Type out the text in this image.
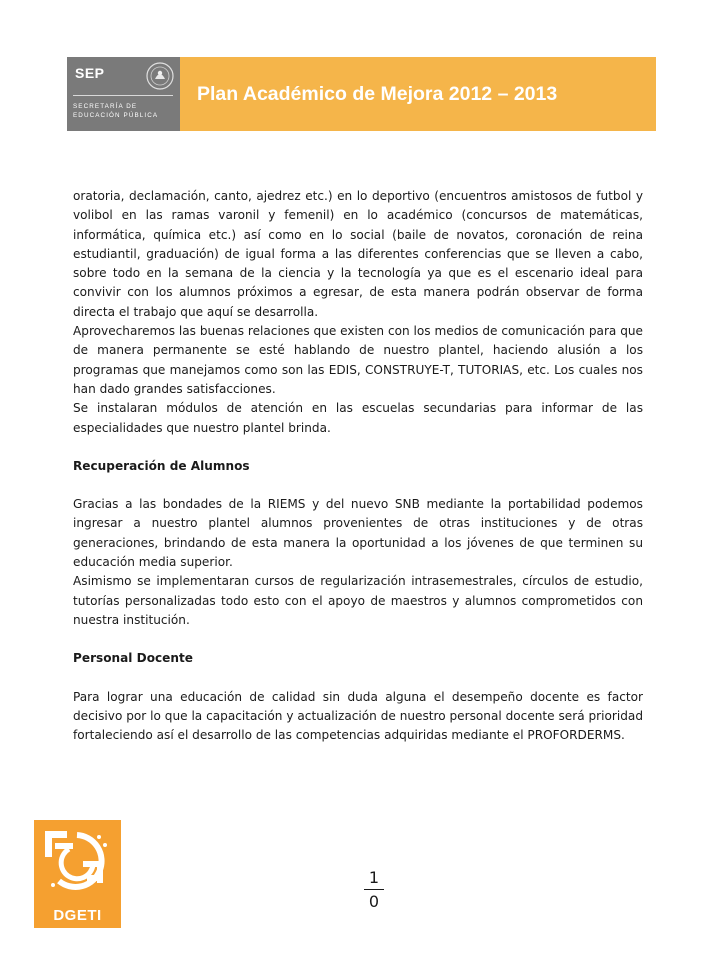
SEP
SECRETARÍA DE
EDUCACIÓN PÚBLICA
Plan Académico de Mejora 2012 – 2013

oratoria, declamación, canto, ajedrez etc.) en lo deportivo (encuentros amistosos de futbol y volibol en las ramas varonil y femenil) en lo académico (concursos de matemáticas, informática, química etc.) así como en lo social (baile de novatos, coronación de reina estudiantil, graduación) de igual forma a las diferentes conferencias que se lleven a cabo, sobre todo en la semana de la ciencia y la tecnología ya que es el escenario ideal para convivir con los alumnos próximos a egresar, de esta manera podrán observar de forma directa el trabajo que aquí se desarrolla.

Aprovecharemos las buenas relaciones que existen con los medios de comunicación para que de manera permanente se esté hablando de nuestro plantel, haciendo alusión a los programas que manejamos como son las EDIS, CONSTRUYE-T, TUTORIAS, etc. Los cuales nos han dado grandes satisfacciones.

Se instalaran módulos de atención en las escuelas secundarias para informar de las especialidades que nuestro plantel brinda.

Recuperación de Alumnos

Gracias a las bondades de la RIEMS y del nuevo SNB mediante la portabilidad podemos ingresar a nuestro plantel alumnos provenientes de otras instituciones y de otras generaciones, brindando de esta manera la oportunidad a los jóvenes de que terminen su educación media superior.

Asimismo se implementaran cursos de regularización intrasemestrales, círculos de estudio, tutorías personalizadas todo esto con el apoyo de maestros y alumnos comprometidos con nuestra institución.

Personal Docente

Para lograr una educación de calidad sin duda alguna el desempeño docente es factor decisivo por lo que la capacitación y actualización de nuestro personal docente será prioridad fortaleciendo así el desarrollo de las competencias adquiridas mediante el PROFORDERMS.

DGETI
1
0
